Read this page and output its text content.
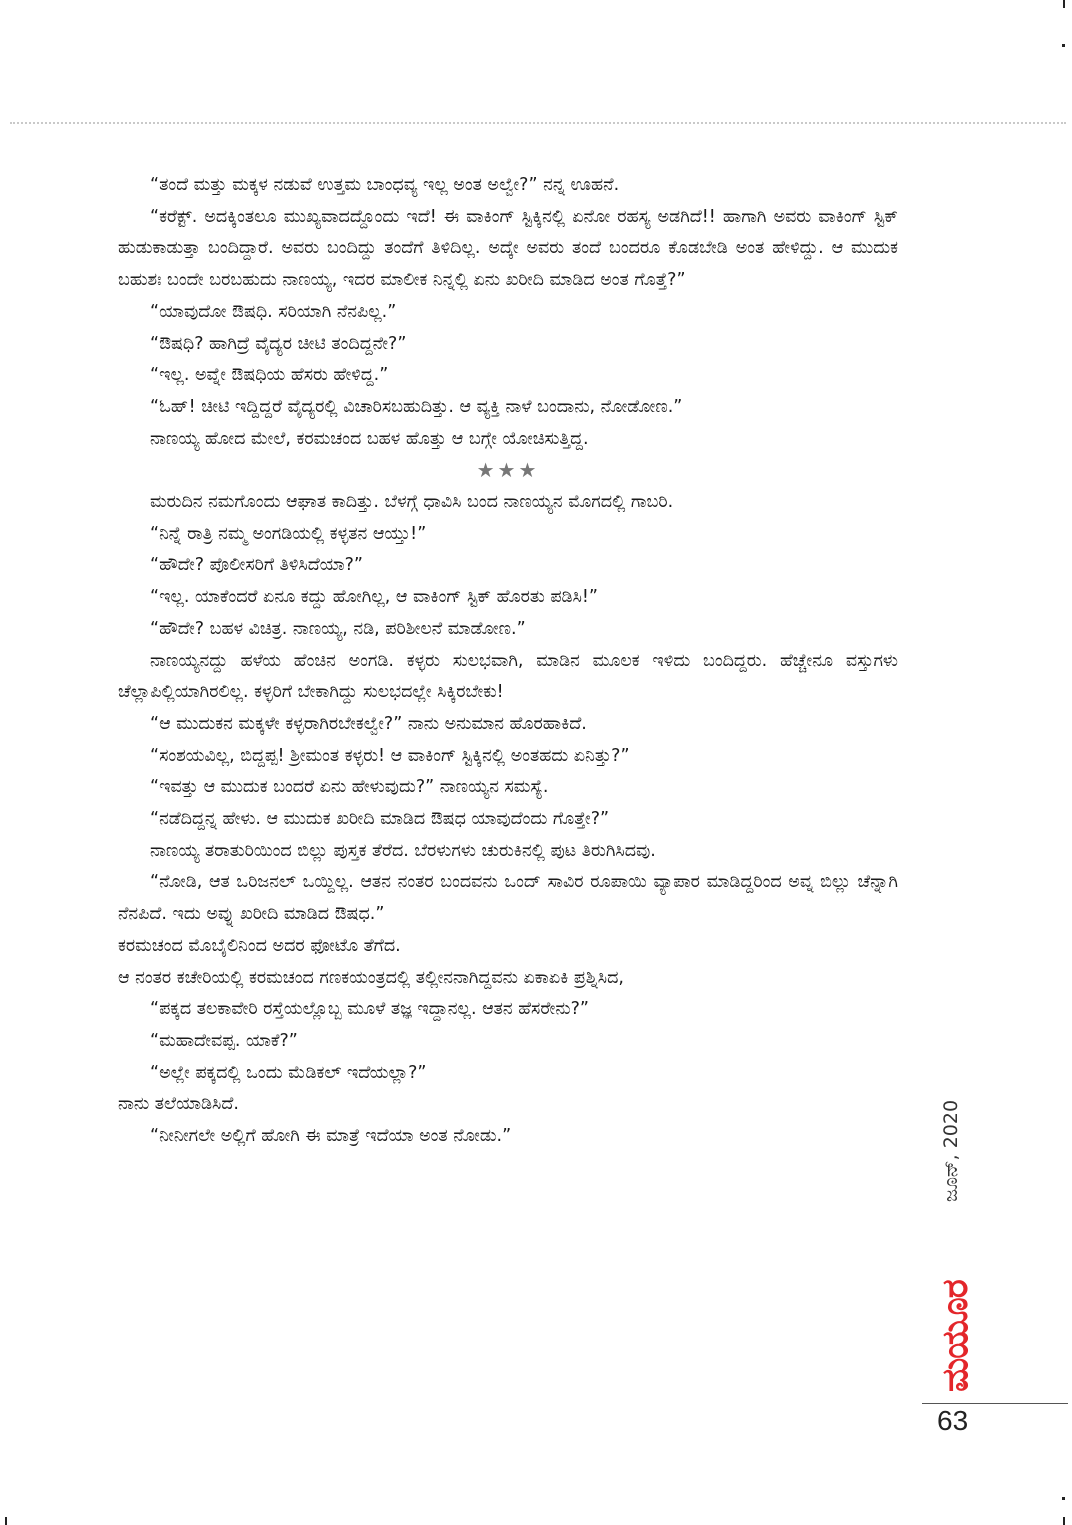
“ತಂದೆ ಮತ್ತು ಮಕ್ಕಳ ನಡುವೆ ಉತ್ತಮ ಬಾಂಧವ್ಯ ಇಲ್ಲ ಅಂತ ಅಲ್ವೇ?” ನನ್ನ ಊಹನೆ.

“ಕರೆಕ್ಟ್. ಅದಕ್ಕಿಂತಲೂ ಮುಖ್ಯವಾದದ್ದೊಂದು ಇದೆ! ಈ ವಾಕಿಂಗ್ ಸ್ಟಿಕ್ಕಿನಲ್ಲಿ ಏನೋ ರಹಸ್ಯ ಅಡಗಿದೆ!! ಹಾಗಾಗಿ ಅವರು ವಾಕಿಂಗ್ ಸ್ಟಿಕ್ ಹುಡುಕಾಡುತ್ತಾ ಬಂದಿದ್ದಾರೆ. ಅವರು ಬಂದಿದ್ದು ತಂದೆಗೆ ತಿಳಿದಿಲ್ಲ. ಅದ್ಕೇ ಅವರು ತಂದೆ ಬಂದರೂ ಕೊಡಬೇಡಿ ಅಂತ ಹೇಳಿದ್ದು. ಆ ಮುದುಕ ಬಹುಶಃ ಬಂದೇ ಬರಬಹುದು ನಾಣಯ್ಯ, ಇದರ ಮಾಲೀಕ ನಿನ್ನಲ್ಲಿ ಏನು ಖರೀದಿ ಮಾಡಿದ ಅಂತ ಗೊತ್ತೆ?”

“ಯಾವುದೋ ಔಷಧಿ. ಸರಿಯಾಗಿ ನೆನಪಿಲ್ಲ.”

“ಔಷಧಿ? ಹಾಗಿದ್ರೆ ವೈದ್ಯರ ಚೀಟಿ ತಂದಿದ್ದನೇ?”

“ಇಲ್ಲ. ಅವ್ನೇ ಔಷಧಿಯ ಹೆಸರು ಹೇಳಿದ್ದ.”

“ಓಹ್! ಚೀಟಿ ಇದ್ದಿದ್ದರೆ ವೈದ್ಯರಲ್ಲಿ ವಿಚಾರಿಸಬಹುದಿತ್ತು. ಆ ವ್ಯಕ್ತಿ ನಾಳೆ ಬಂದಾನು, ನೋಡೋಣ.”

ನಾಣಯ್ಯ ಹೋದ ಮೇಲೆ, ಕರಮಚಂದ ಬಹಳ ಹೊತ್ತು ಆ ಬಗ್ಗೇ ಯೋಚಿಸುತ್ತಿದ್ದ.

★★★

ಮರುದಿನ ನಮಗೊಂದು ಆಘಾತ ಕಾದಿತ್ತು. ಬೆಳಗ್ಗೆ ಧಾವಿಸಿ ಬಂದ ನಾಣಯ್ಯನ ಮೊಗದಲ್ಲಿ ಗಾಬರಿ.

“ನಿನ್ನೆ ರಾತ್ರಿ ನಮ್ಮ ಅಂಗಡಿಯಲ್ಲಿ ಕಳ್ಳತನ ಆಯ್ತು!”

“ಹೌದೇ? ಪೊಲೀಸರಿಗೆ ತಿಳಿಸಿದೆಯಾ?”

“ಇಲ್ಲ. ಯಾಕೆಂದರೆ ಏನೂ ಕದ್ದು ಹೋಗಿಲ್ಲ, ಆ ವಾಕಿಂಗ್ ಸ್ಟಿಕ್ ಹೊರತು ಪಡಿಸಿ!”

“ಹೌದೇ? ಬಹಳ ವಿಚಿತ್ರ. ನಾಣಯ್ಯ, ನಡಿ, ಪರಿಶೀಲನೆ ಮಾಡೋಣ.”

ನಾಣಯ್ಯನದ್ದು ಹಳೆಯ ಹೆಂಚಿನ ಅಂಗಡಿ. ಕಳ್ಳರು ಸುಲಭವಾಗಿ, ಮಾಡಿನ ಮೂಲಕ ಇಳಿದು ಬಂದಿದ್ದರು. ಹೆಚ್ಚೇನೂ ವಸ್ತುಗಳು ಚೆಲ್ಲಾಪಿಲ್ಲಿಯಾಗಿರಲಿಲ್ಲ. ಕಳ್ಳರಿಗೆ ಬೇಕಾಗಿದ್ದು ಸುಲಭದಲ್ಲೇ ಸಿಕ್ಕಿರಬೇಕು!

“ಆ ಮುದುಕನ ಮಕ್ಕಳೇ ಕಳ್ಳರಾಗಿರಬೇಕಲ್ವೇ?” ನಾನು ಅನುಮಾನ ಹೊರಹಾಕಿದೆ.

“ಸಂಶಯವಿಲ್ಲ, ಬಿದ್ದಪ್ಪ! ಶ್ರೀಮಂತ ಕಳ್ಳರು! ಆ ವಾಕಿಂಗ್ ಸ್ಟಿಕ್ಕಿನಲ್ಲಿ ಅಂತಹದು ಏನಿತ್ತು?”

“ಇವತ್ತು ಆ ಮುದುಕ ಬಂದರೆ ಏನು ಹೇಳುವುದು?” ನಾಣಯ್ಯನ ಸಮಸ್ಯೆ.

“ನಡೆದಿದ್ದನ್ನ ಹೇಳು. ಆ ಮುದುಕ ಖರೀದಿ ಮಾಡಿದ ಔಷಧ ಯಾವುದೆಂದು ಗೊತ್ತೇ?”

ನಾಣಯ್ಯ ತರಾತುರಿಯಿಂದ ಬಿಲ್ಲು ಪುಸ್ತಕ ತೆರೆದ. ಬೆರಳುಗಳು ಚುರುಕಿನಲ್ಲಿ ಪುಟ ತಿರುಗಿಸಿದವು.

“ನೋಡಿ, ಆತ ಒರಿಜನಲ್ ಒಯ್ದಿಲ್ಲ. ಆತನ ನಂತರ ಬಂದವನು ಒಂದ್ ಸಾವಿರ ರೂಪಾಯಿ ವ್ಯಾಪಾರ ಮಾಡಿದ್ದರಿಂದ ಅವ್ನ ಬಿಲ್ಲು ಚೆನ್ನಾಗಿ ನೆನಪಿದೆ. ಇದು ಅವ್ನು ಖರೀದಿ ಮಾಡಿದ ಔಷಧ.”

ಕರಮಚಂದ ಮೊಬೈಲಿನಿಂದ ಅದರ ಫೋಟೊ ತೆಗೆದ.

ಆ ನಂತರ ಕಚೇರಿಯಲ್ಲಿ ಕರಮಚಂದ ಗಣಕಯಂತ್ರದಲ್ಲಿ ತಲ್ಲೀನನಾಗಿದ್ದವನು ಏಕಾಏಕಿ ಪ್ರಶ್ನಿಸಿದ,

“ಪಕ್ಕದ ತಲಕಾವೇರಿ ರಸ್ತೆಯಲ್ಲೊಬ್ಬ ಮೂಳೆ ತಜ್ಞ ಇದ್ದಾನಲ್ಲ. ಆತನ ಹೆಸರೇನು?”

“ಮಹಾದೇವಪ್ಪ. ಯಾಕೆ?”

“ಅಲ್ಲೇ ಪಕ್ಕದಲ್ಲಿ ಒಂದು ಮೆಡಿಕಲ್ ಇದೆಯಲ್ಲಾ?”

ನಾನು ತಲೆಯಾಡಿಸಿದೆ.

“ನೀನೀಗಲೇ ಅಲ್ಲಿಗೆ ಹೋಗಿ ಈ ಮಾತ್ರೆ ಇದೆಯಾ ಅಂತ ನೋಡು.”	ಜೂನ್, 2020
ಮಯೂರ
63
